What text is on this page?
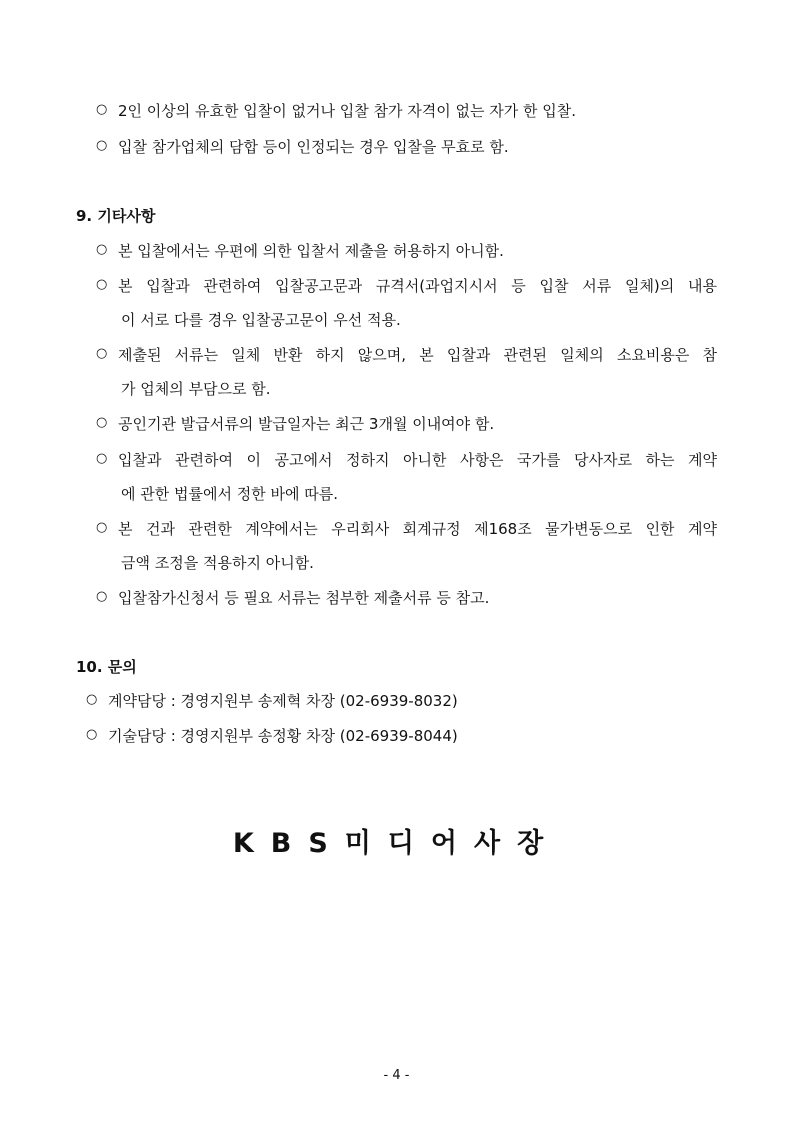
○ 2인 이상의 유효한 입찰이 없거나 입찰 참가 자격이 없는 자가 한 입찰.
○ 입찰 참가업체의 담합 등이 인정되는 경우 입찰을 무효로 함.
9. 기타사항
○ 본 입찰에서는 우편에 의한 입찰서 제출을 허용하지 아니함.
○ 본 입찰과 관련하여 입찰공고문과 규격서(과업지시서 등 입찰 서류 일체)의 내용
이 서로 다를 경우 입찰공고문이 우선 적용.
○ 제출된 서류는 일체 반환 하지 않으며, 본 입찰과 관련된 일체의 소요비용은 참
가 업체의 부담으로 함.
○ 공인기관 발급서류의 발급일자는 최근 3개월 이내여야 함.
○ 입찰과 관련하여 이 공고에서 정하지 아니한 사항은 국가를 당사자로 하는 계약
에 관한 법률에서 정한 바에 따름.
○ 본 건과 관련한 계약에서는 우리회사 회계규정 제168조 물가변동으로 인한 계약
금액 조정을 적용하지 아니함.
○ 입찰참가신청서 등 필요 서류는 첨부한 제출서류 등 참고.
10. 문의
○ 계약담당 : 경영지원부 송제혁 차장 (02-6939-8032)
○ 기술담당 : 경영지원부 송정황 차장 (02-6939-8044)
KBS미디어사장
- 4 -
